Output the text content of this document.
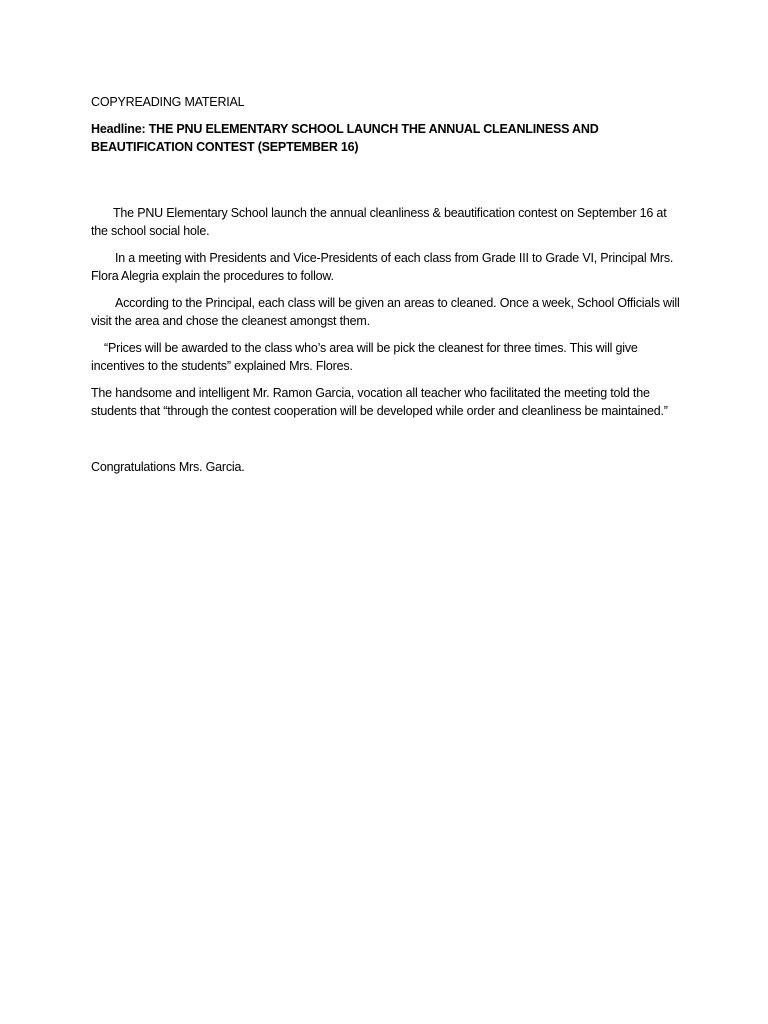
COPYREADING MATERIAL

Headline: THE PNU ELEMENTARY SCHOOL LAUNCH THE ANNUAL CLEANLINESS AND BEAUTIFICATION CONTEST (SEPTEMBER 16)

The PNU Elementary School launch the annual cleanliness & beautification contest on September 16 at the school social hole.

In a meeting with Presidents and Vice-Presidents of each class from Grade III to Grade VI, Principal Mrs. Flora Alegria explain the procedures to follow.

According to the Principal, each class will be given an areas to cleaned. Once a week, School Officials will visit the area and chose the cleanest amongst them.

“Prices will be awarded to the class who’s area will be pick the cleanest for three times. This will give incentives to the students” explained Mrs. Flores.

The handsome and intelligent Mr. Ramon Garcia, vocation all teacher who facilitated the meeting told the students that “through the contest cooperation will be developed while order and cleanliness be maintained.”

Congratulations Mrs. Garcia.
